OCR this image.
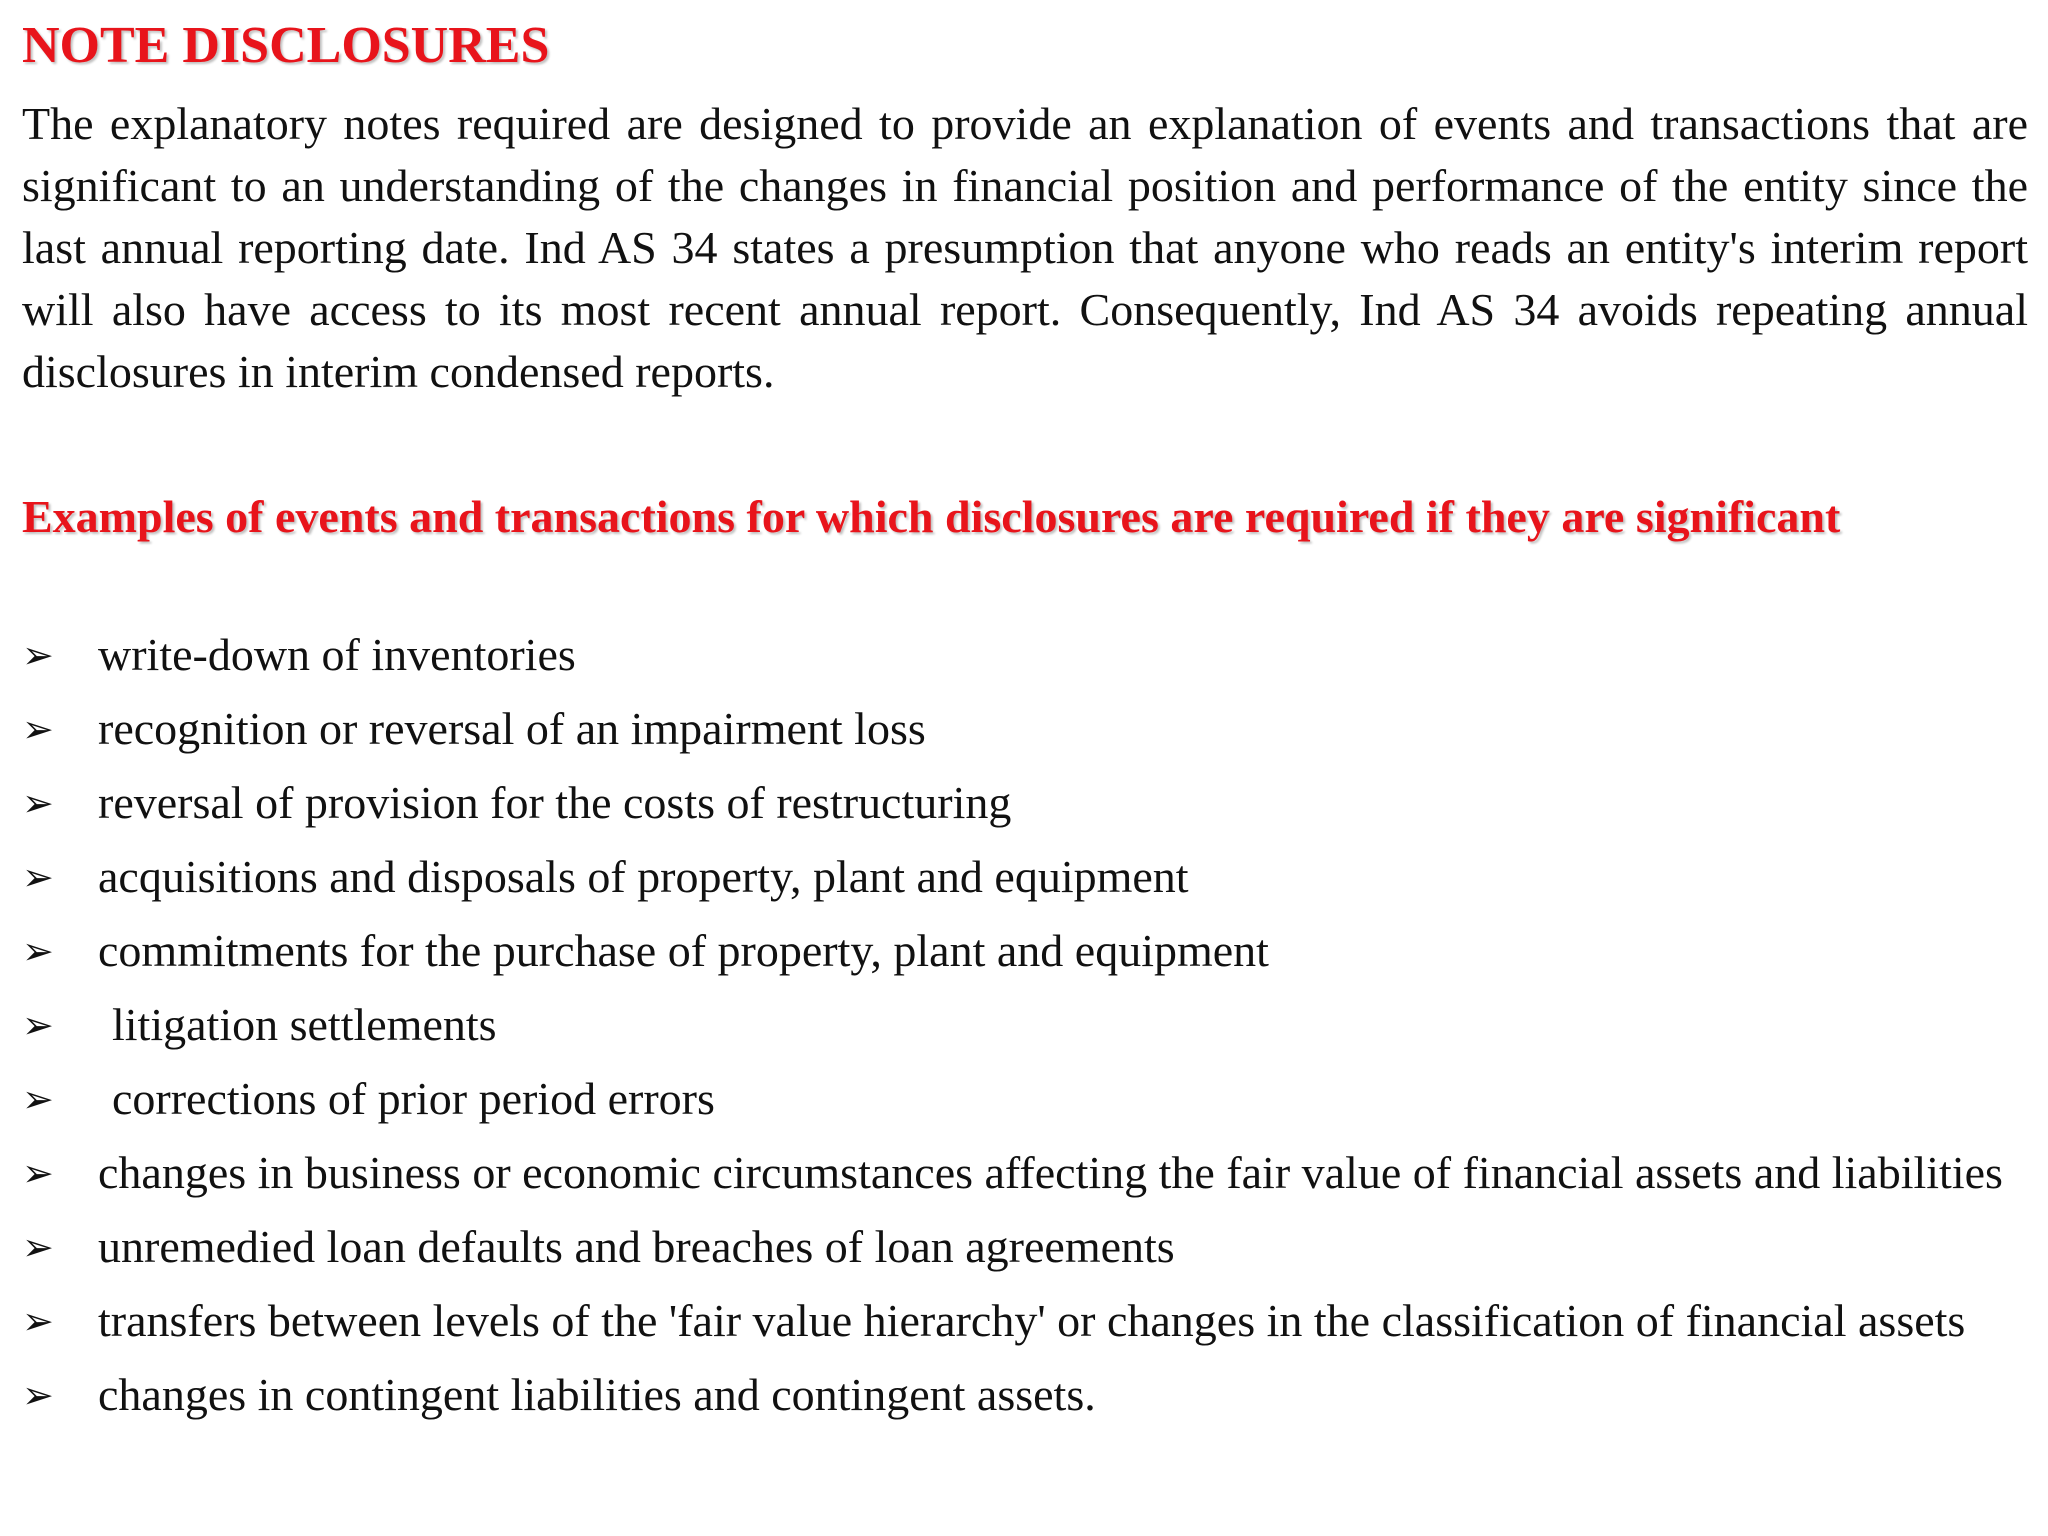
NOTE DISCLOSURES

The explanatory notes required are designed to provide an explanation of events and transactions that are significant to an understanding of the changes in financial position and performance of the entity since the last annual reporting date. Ind AS 34 states a presumption that anyone who reads an entity's interim report will also have access to its most recent annual report. Consequently, Ind AS 34 avoids repeating annual disclosures in interim condensed reports.

Examples of events and transactions for which disclosures are required if they are significant
➢ write-down of inventories
➢ recognition or reversal of an impairment loss
➢ reversal of provision for the costs of restructuring
➢ acquisitions and disposals of property, plant and equipment
➢ commitments for the purchase of property, plant and equipment
➢	litigation settlements
➢	corrections of prior period errors
➢ changes in business or economic circumstances affecting the fair value of financial assets and liabilities
➢ unremedied loan defaults and breaches of loan agreements
➢ transfers between levels of the 'fair value hierarchy' or changes in the classification of financial assets
➢ changes in contingent liabilities and contingent assets.
